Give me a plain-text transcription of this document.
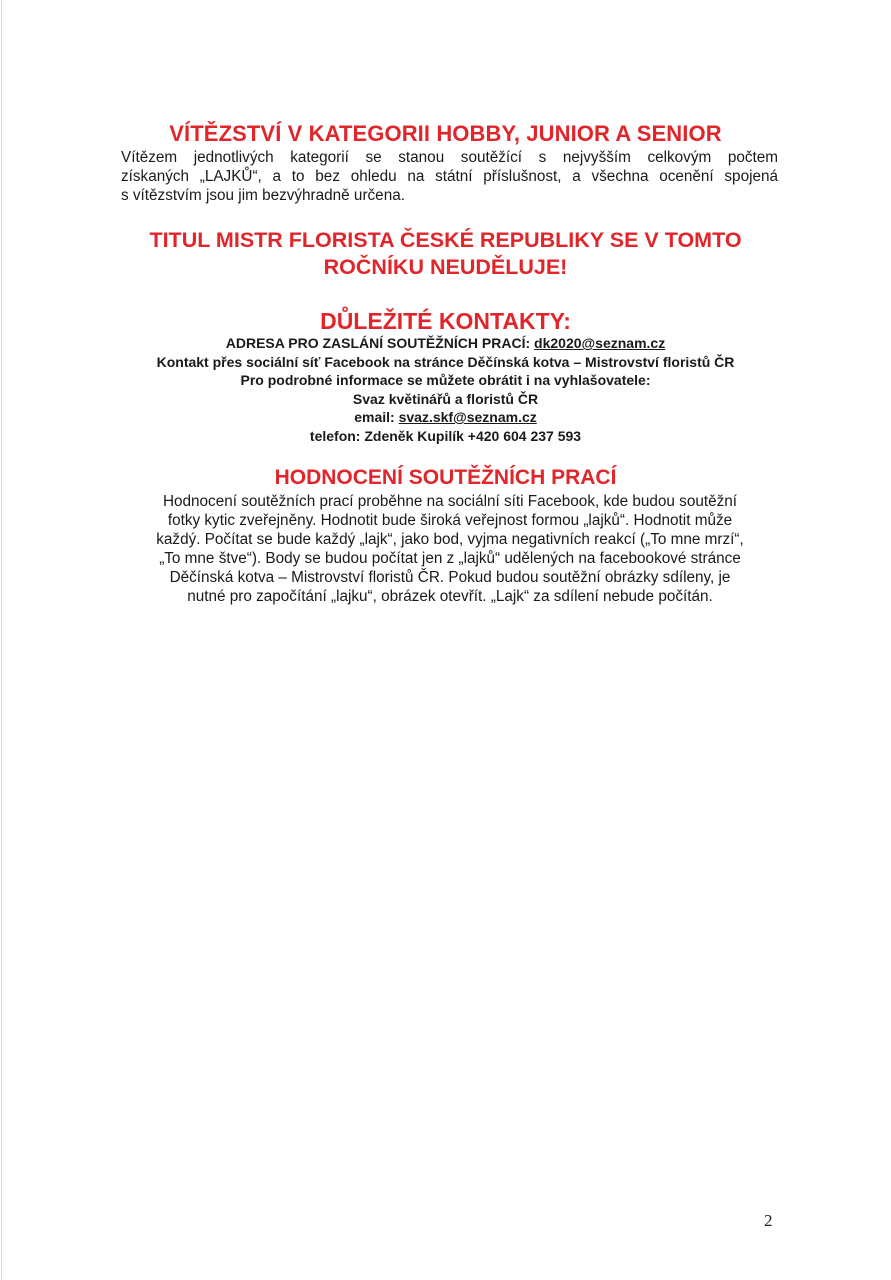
VÍTĚZSTVÍ V KATEGORII HOBBY, JUNIOR A SENIOR
Vítězem jednotlivých kategorií se stanou soutěžící s nejvyšším celkovým počtem
získaných „LAJKŮ“, a to bez ohledu na státní příslušnost, a všechna ocenění spojená
s vítězstvím jsou jim bezvýhradně určena.
TITUL MISTR FLORISTA ČESKÉ REPUBLIKY SE V TOMTO
ROČNÍKU NEUDĚLUJE!
DŮLEŽITÉ KONTAKTY:
ADRESA PRO ZASLÁNÍ SOUTĚŽNÍCH PRACÍ: dk2020@seznam.cz
Kontakt přes sociální síť Facebook na stránce Děčínská kotva – Mistrovství floristů ČR
Pro podrobné informace se můžete obrátit i na vyhlašovatele:
Svaz květinářů a floristů ČR
email: svaz.skf@seznam.cz
telefon: Zdeněk Kupilík +420 604 237 593
HODNOCENÍ SOUTĚŽNÍCH PRACÍ
Hodnocení soutěžních prací proběhne na sociální síti Facebook, kde budou soutěžní
fotky kytic zveřejněny. Hodnotit bude široká veřejnost formou „lajků“. Hodnotit může
každý. Počítat se bude každý „lajk“, jako bod, vyjma negativních reakcí („To mne mrzí“,
„To mne štve“). Body se budou počítat jen z „lajků“ udělených na facebookové stránce
Děčínská kotva – Mistrovství floristů ČR. Pokud budou soutěžní obrázky sdíleny, je
nutné pro započítání „lajku“, obrázek otevřít. „Lajk“ za sdílení nebude počítán.
2
